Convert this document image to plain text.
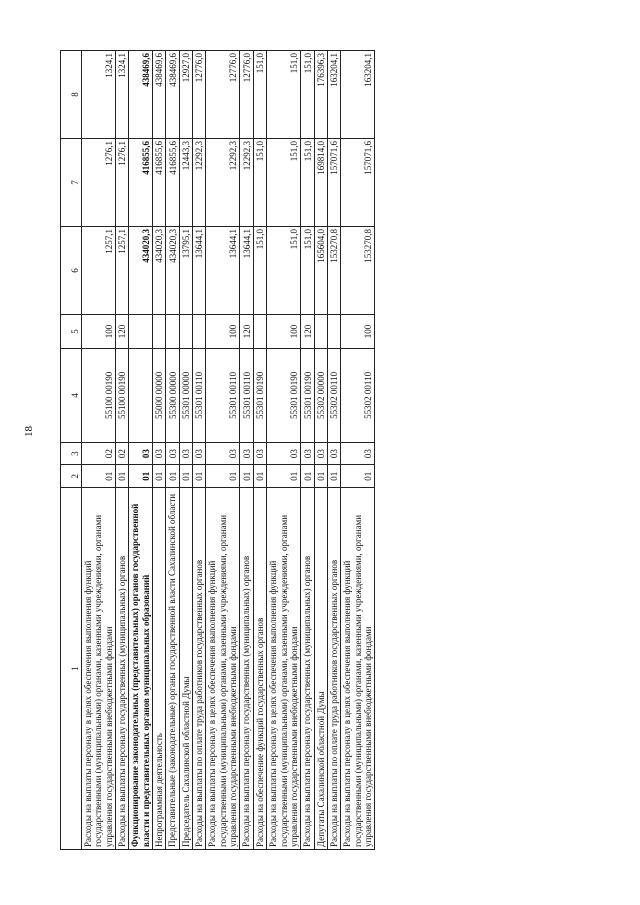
18
1	2	3	4	5	6	7	8
Расходы на выплаты персоналу в целях обеспечения выполнения функций государственными (муниципальными) органами, казенными учреждениями, органами управления государственными внебюджетными фондами	01	02	55100 00190	100	1257,1	1276,1	1324,1
Расходы на выплаты персоналу государственных (муниципальных) органов	01	02	55100 00190	120	1257,1	1276,1	1324,1
Функционирование законодательных (представительных) органов государственной власти и представительных органов муниципальных образований	01	03			434020,3	416855,6	438469,6
Непрограммная деятельность	01	03	55000 00000		434020,3	416855,6	438469,6
Представительные (законодательные) органы государственной власти Сахалинской области	01	03	55300 00000		434020,3	416855,6	438469,6
Председатель Сахалинской областной Думы	01	03	55301 00000		13795,1	12443,3	12927,0
Расходы на выплаты по оплате труда работников государственных органов	01	03	55301 00110		13644,1	12292,3	12776,0
Расходы на выплаты персоналу в целях обеспечения выполнения функций государственными (муниципальными) органами, казенными учреждениями, органами управления государственными внебюджетными фондами	01	03	55301 00110	100	13644,1	12292,3	12776,0
Расходы на выплаты персоналу государственных (муниципальных) органов	01	03	55301 00110	120	13644,1	12292,3	12776,0
Расходы на обеспечение функций государственных органов	01	03	55301 00190		151,0	151,0	151,0
Расходы на выплаты персоналу в целях обеспечения выполнения функций государственными (муниципальными) органами, казенными учреждениями, органами управления государственными внебюджетными фондами	01	03	55301 00190	100	151,0	151,0	151,0
Расходы на выплаты персоналу государственных (муниципальных) органов	01	03	55301 00190	120	151,0	151,0	151,0
Депутаты Сахалинской областной Думы	01	03	55302 00000		165604,0	169814,0	176396,3
Расходы на выплаты по оплате труда работников государственных органов	01	03	55302 00110		153270,8	157071,6	163204,1
Расходы на выплаты персоналу в целях обеспечения выполнения функций государственными (муниципальными) органами, казенными учреждениями, органами управления государственными внебюджетными фондами	01	03	55302 00110	100	153270,8	157071,6	163204,1
